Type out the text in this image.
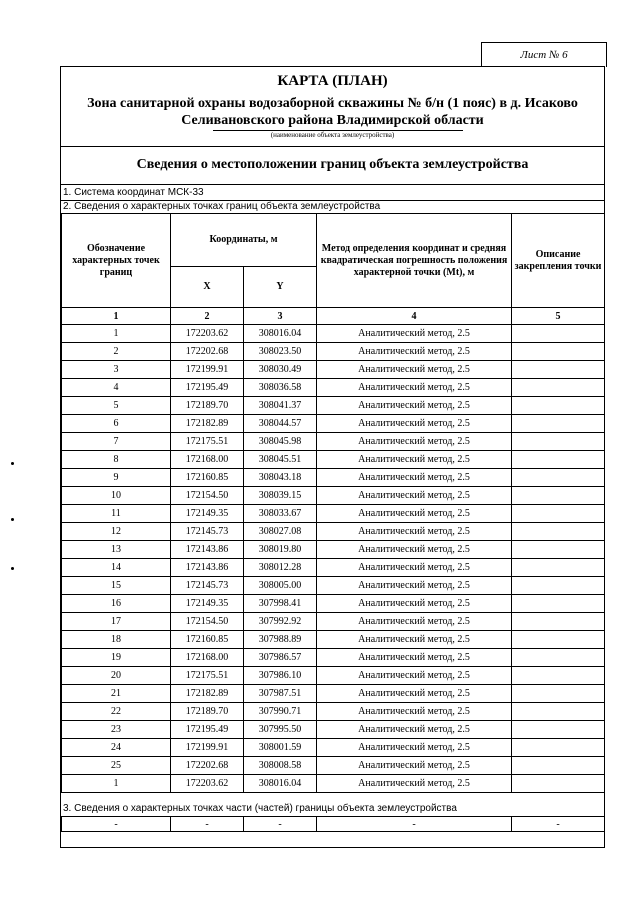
Лист № 6
КАРТА (ПЛАН)
Зона санитарной охраны водозаборной скважины № б/н (1 пояс) в д. Исаково Селивановского района Владимирской области
(наименование объекта землеустройства)
Сведения о местоположении границ объекта землеустройства
1. Система координат МСК-33
2. Сведения о характерных точках границ объекта землеустройства
Обозначение характерных точек границ	Координаты, м		Метод определения координат и средняя квадратическая погрешность положения характерной точки (Mt), м	Описание закрепления точки
	X	Y		
1	2	3	4	5
1	172203.62	308016.04	Аналитический метод, 2.5	
2	172202.68	308023.50	Аналитический метод, 2.5	
3	172199.91	308030.49	Аналитический метод, 2.5	
4	172195.49	308036.58	Аналитический метод, 2.5	
5	172189.70	308041.37	Аналитический метод, 2.5	
6	172182.89	308044.57	Аналитический метод, 2.5	
7	172175.51	308045.98	Аналитический метод, 2.5	
8	172168.00	308045.51	Аналитический метод, 2.5	
9	172160.85	308043.18	Аналитический метод, 2.5	
10	172154.50	308039.15	Аналитический метод, 2.5	
11	172149.35	308033.67	Аналитический метод, 2.5	
12	172145.73	308027.08	Аналитический метод, 2.5	
13	172143.86	308019.80	Аналитический метод, 2.5	
14	172143.86	308012.28	Аналитический метод, 2.5	
15	172145.73	308005.00	Аналитический метод, 2.5	
16	172149.35	307998.41	Аналитический метод, 2.5	
17	172154.50	307992.92	Аналитический метод, 2.5	
18	172160.85	307988.89	Аналитический метод, 2.5	
19	172168.00	307986.57	Аналитический метод, 2.5	
20	172175.51	307986.10	Аналитический метод, 2.5	
21	172182.89	307987.51	Аналитический метод, 2.5	
22	172189.70	307990.71	Аналитический метод, 2.5	
23	172195.49	307995.50	Аналитический метод, 2.5	
24	172199.91	308001.59	Аналитический метод, 2.5	
25	172202.68	308008.58	Аналитический метод, 2.5	
1	172203.62	308016.04	Аналитический метод, 2.5	
3. Сведения о характерных точках части (частей) границы объекта землеустройства
-	-	-	-	-
